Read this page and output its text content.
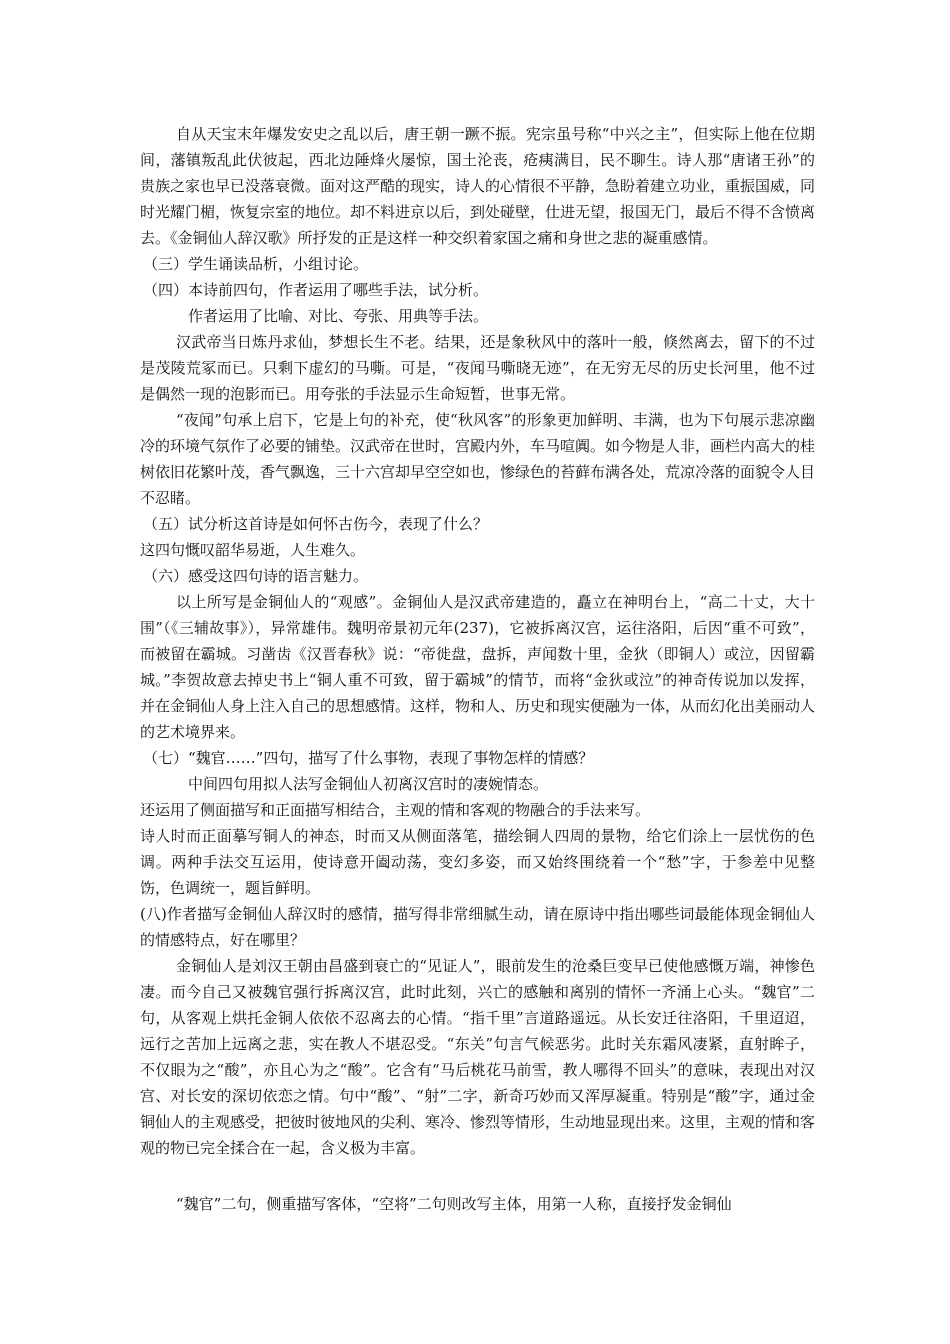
自从天宝末年爆发安史之乱以后，唐王朝一蹶不振。宪宗虽号称“中兴之主”，但实际上他在位期间，藩镇叛乱此伏彼起，西北边陲烽火屡惊，国土沦丧，疮痍满目，民不聊生。诗人那“唐诸王孙”的贵族之家也早已没落衰微。面对这严酷的现实，诗人的心情很不平静，急盼着建立功业，重振国威，同时光耀门楣，恢复宗室的地位。却不料进京以后，到处碰壁，仕进无望，报国无门，最后不得不含愤离去。《金铜仙人辞汉歌》所抒发的正是这样一种交织着家国之痛和身世之悲的凝重感情。

（三）学生诵读品析，小组讨论。

（四）本诗前四句，作者运用了哪些手法，试分析。

作者运用了比喻、对比、夸张、用典等手法。

汉武帝当日炼丹求仙，梦想长生不老。结果，还是象秋风中的落叶一般，倏然离去，留下的不过是茂陵荒冢而已。只剩下虚幻的马嘶。可是，“夜闻马嘶晓无迹”，在无穷无尽的历史长河里，他不过是偶然一现的泡影而已。用夸张的手法显示生命短暂，世事无常。

“夜闻”句承上启下，它是上句的补充，使“秋风客”的形象更加鲜明、丰满，也为下句展示悲凉幽冷的环境气氛作了必要的铺垫。汉武帝在世时，宫殿内外，车马喧阗。如今物是人非，画栏内高大的桂树依旧花繁叶茂，香气飘逸，三十六宫却早空空如也，惨绿色的苔藓布满各处，荒凉冷落的面貌令人目不忍睹。

（五）试分析这首诗是如何怀古伤今，表现了什么？

这四句慨叹韶华易逝，人生难久。

（六）感受这四句诗的语言魅力。

以上所写是金铜仙人的“观感”。金铜仙人是汉武帝建造的，矗立在神明台上，“高二十丈，大十围”（《三辅故事》），异常雄伟。魏明帝景初元年(237)，它被拆离汉宫，运往洛阳，后因“重不可致”，而被留在霸城。习凿齿《汉晋春秋》说：“帝徙盘，盘拆，声闻数十里，金狄（即铜人）或泣，因留霸城。”李贺故意去掉史书上“铜人重不可致，留于霸城”的情节，而将“金狄或泣”的神奇传说加以发挥，并在金铜仙人身上注入自己的思想感情。这样，物和人、历史和现实便融为一体，从而幻化出美丽动人的艺术境界来。

（七）“魏官……”四句，描写了什么事物，表现了事物怎样的情感？

中间四句用拟人法写金铜仙人初离汉宫时的凄婉情态。

还运用了侧面描写和正面描写相结合，主观的情和客观的物融合的手法来写。

诗人时而正面摹写铜人的神态，时而又从侧面落笔，描绘铜人四周的景物，给它们涂上一层忧伤的色调。两种手法交互运用，使诗意开阖动荡，变幻多姿，而又始终围绕着一个“愁”字，于参差中见整饬，色调统一，题旨鲜明。

(八)作者描写金铜仙人辞汉时的感情，描写得非常细腻生动，请在原诗中指出哪些词最能体现金铜仙人的情感特点，好在哪里？

金铜仙人是刘汉王朝由昌盛到衰亡的“见证人”，眼前发生的沧桑巨变早已使他感慨万端，神惨色凄。而今自己又被魏官强行拆离汉宫，此时此刻，兴亡的感触和离别的情怀一齐涌上心头。“魏官”二句，从客观上烘托金铜人依依不忍离去的心情。“指千里”言道路遥远。从长安迁往洛阳，千里迢迢，远行之苦加上远离之悲，实在教人不堪忍受。“东关”句言气候恶劣。此时关东霜风凄紧，直射眸子，不仅眼为之“酸”，亦且心为之“酸”。它含有“马后桃花马前雪，教人哪得不回头”的意味，表现出对汉宫、对长安的深切依恋之情。句中“酸”、“射”二字，新奇巧妙而又浑厚凝重。特别是“酸”字，通过金铜仙人的主观感受，把彼时彼地风的尖利、寒冷、惨烈等情形，生动地显现出来。这里，主观的情和客观的物已完全揉合在一起，含义极为丰富。

“魏官”二句，侧重描写客体，“空将”二句则改写主体，用第一人称，直接抒发金铜仙
